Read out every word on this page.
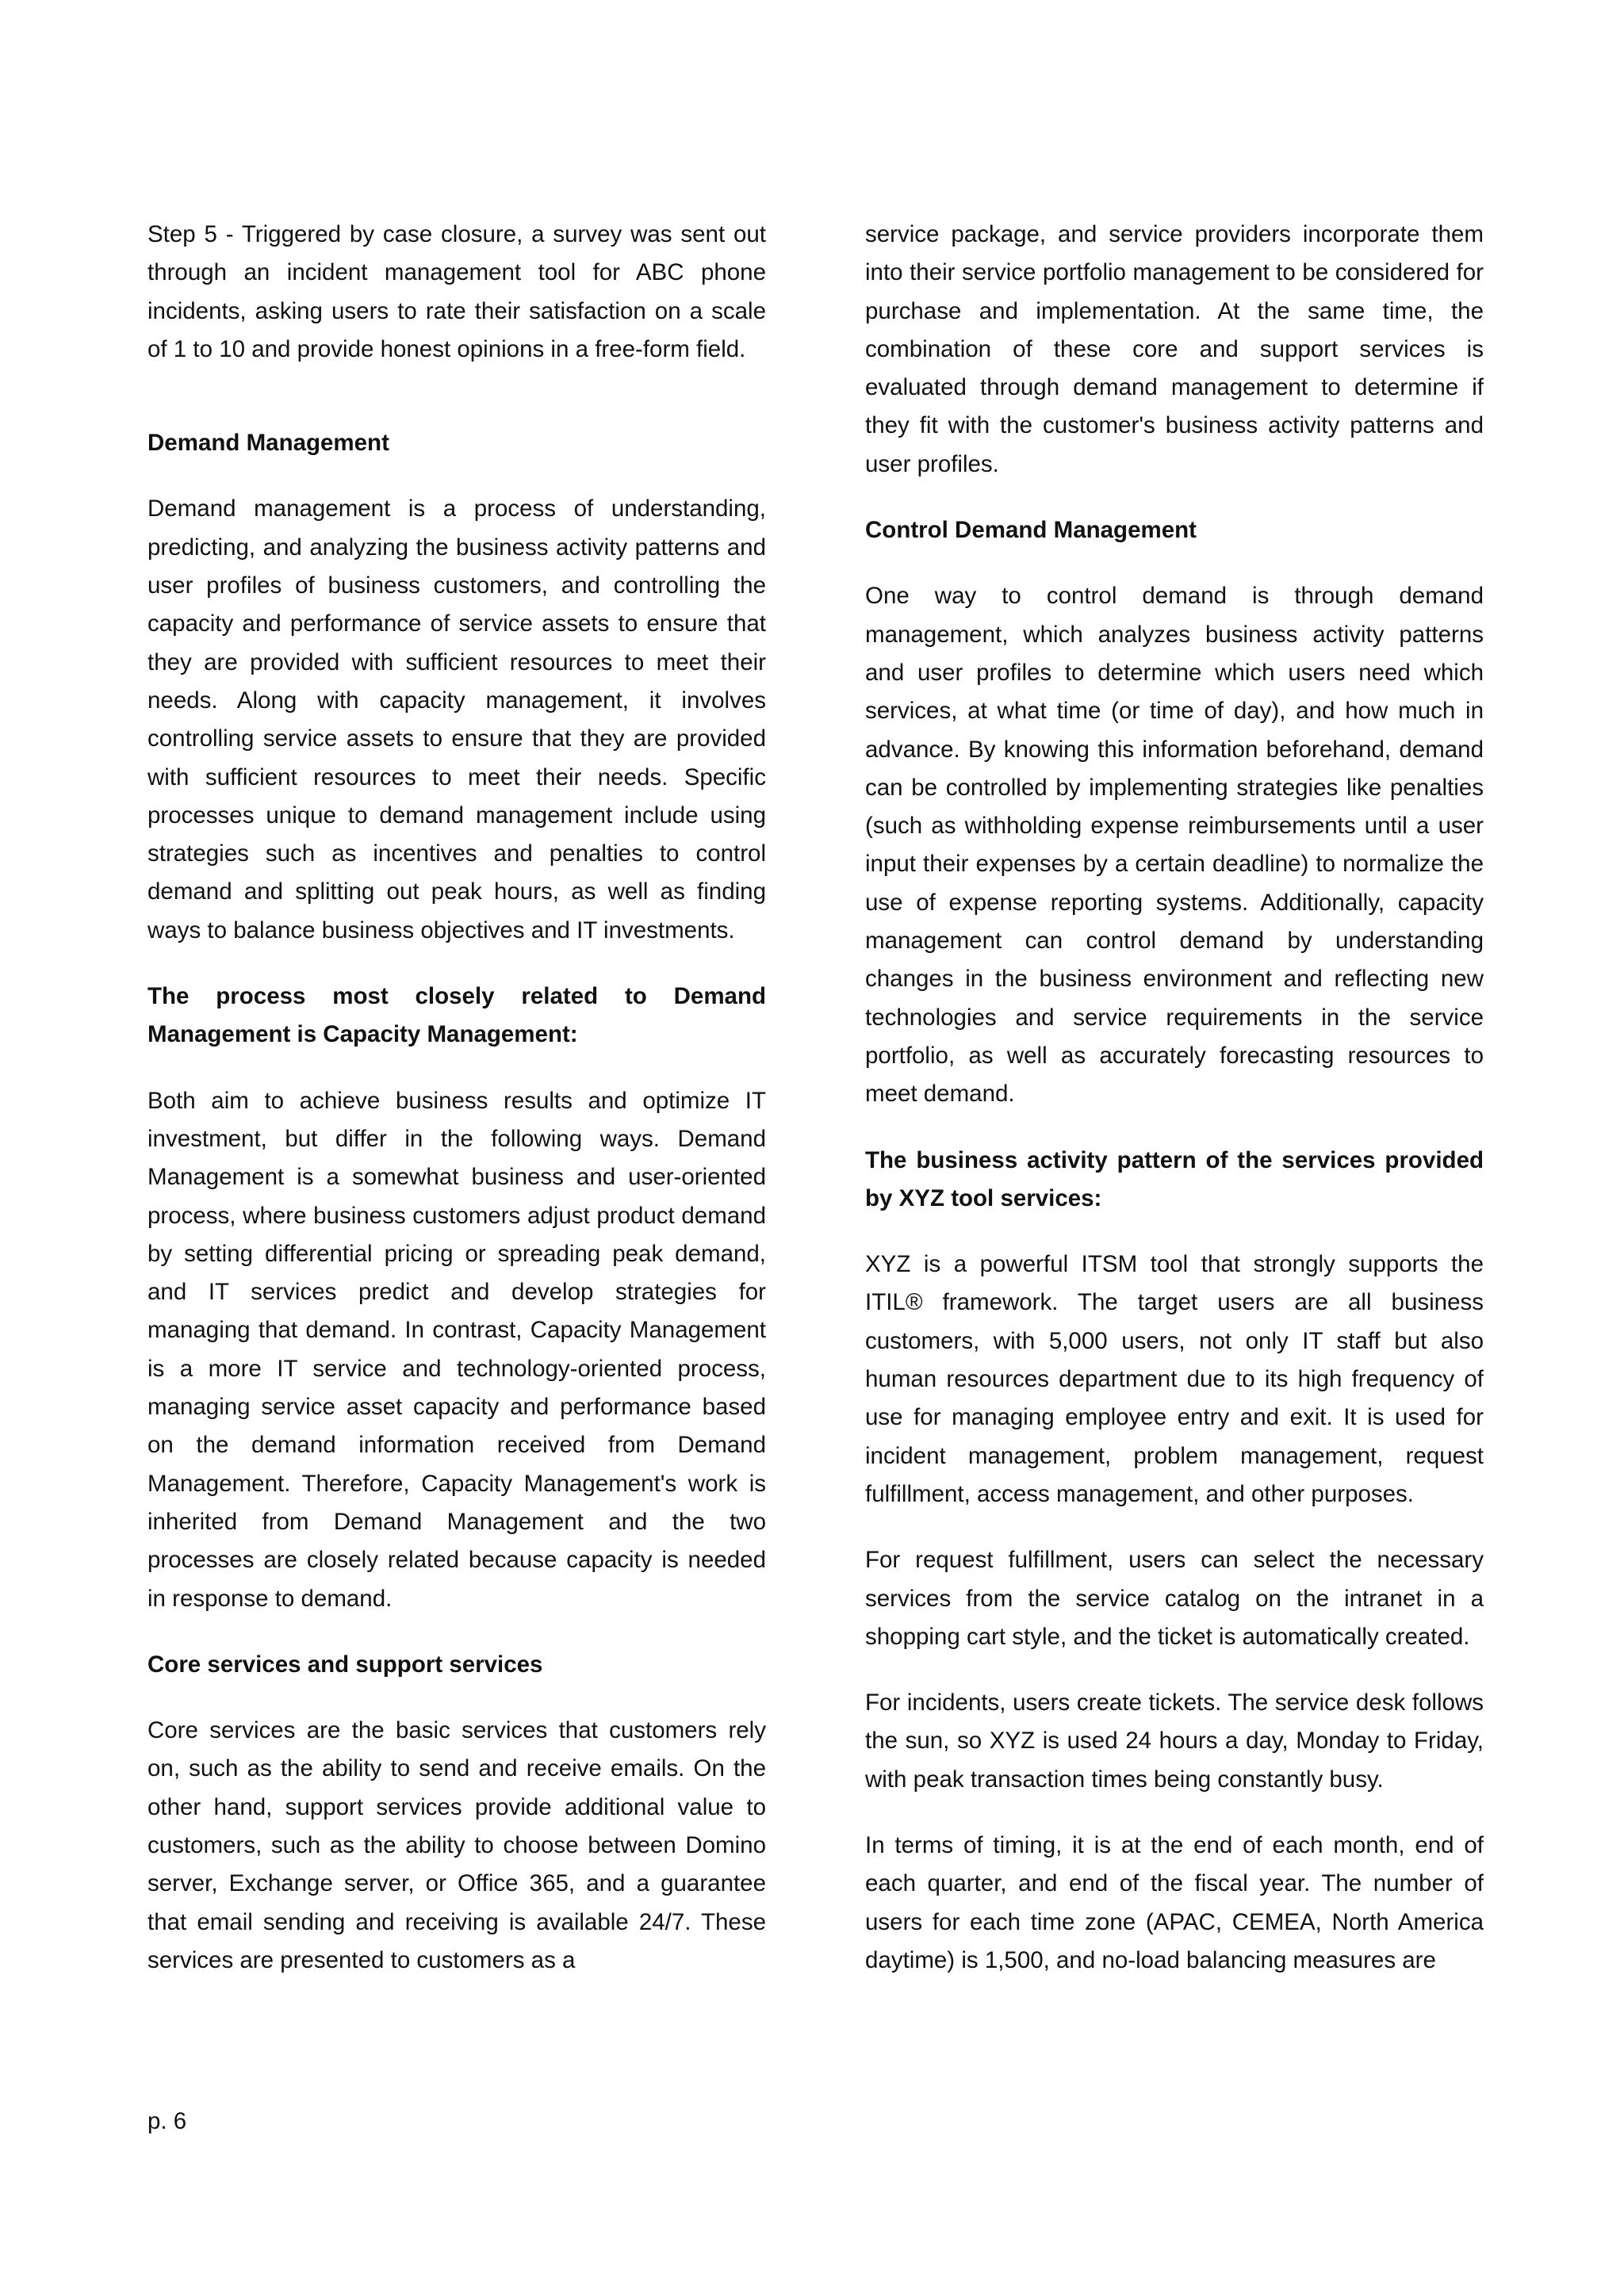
Step 5 - Triggered by case closure, a survey was sent out through an incident management tool for ABC phone incidents, asking users to rate their satisfaction on a scale of 1 to 10 and provide honest opinions in a free-form field.

Demand Management

Demand management is a process of understanding, predicting, and analyzing the business activity patterns and user profiles of business customers, and controlling the capacity and performance of service assets to ensure that they are provided with sufficient resources to meet their needs. Along with capacity management, it involves controlling service assets to ensure that they are provided with sufficient resources to meet their needs. Specific processes unique to demand management include using strategies such as incentives and penalties to control demand and splitting out peak hours, as well as finding ways to balance business objectives and IT investments.

The process most closely related to Demand Management is Capacity Management:

Both aim to achieve business results and optimize IT investment, but differ in the following ways. Demand Management is a somewhat business and user-oriented process, where business customers adjust product demand by setting differential pricing or spreading peak demand, and IT services predict and develop strategies for managing that demand. In contrast, Capacity Management is a more IT service and technology-oriented process, managing service asset capacity and performance based on the demand information received from Demand Management. Therefore, Capacity Management's work is inherited from Demand Management and the two processes are closely related because capacity is needed in response to demand.

Core services and support services

Core services are the basic services that customers rely on, such as the ability to send and receive emails. On the other hand, support services provide additional value to customers, such as the ability to choose between Domino server, Exchange server, or Office 365, and a guarantee that email sending and receiving is available 24/7. These services are presented to customers as a

service package, and service providers incorporate them into their service portfolio management to be considered for purchase and implementation. At the same time, the combination of these core and support services is evaluated through demand management to determine if they fit with the customer's business activity patterns and user profiles.

Control Demand Management

One way to control demand is through demand management, which analyzes business activity patterns and user profiles to determine which users need which services, at what time (or time of day), and how much in advance. By knowing this information beforehand, demand can be controlled by implementing strategies like penalties (such as withholding expense reimbursements until a user input their expenses by a certain deadline) to normalize the use of expense reporting systems. Additionally, capacity management can control demand by understanding changes in the business environment and reflecting new technologies and service requirements in the service portfolio, as well as accurately forecasting resources to meet demand.

The business activity pattern of the services provided by XYZ tool services:

XYZ is a powerful ITSM tool that strongly supports the ITIL® framework. The target users are all business customers, with 5,000 users, not only IT staff but also human resources department due to its high frequency of use for managing employee entry and exit. It is used for incident management, problem management, request fulfillment, access management, and other purposes.

For request fulfillment, users can select the necessary services from the service catalog on the intranet in a shopping cart style, and the ticket is automatically created.

For incidents, users create tickets. The service desk follows the sun, so XYZ is used 24 hours a day, Monday to Friday, with peak transaction times being constantly busy.

In terms of timing, it is at the end of each month, end of each quarter, and end of the fiscal year. The number of users for each time zone (APAC, CEMEA, North America daytime) is 1,500, and no-load balancing measures are

p. 6
